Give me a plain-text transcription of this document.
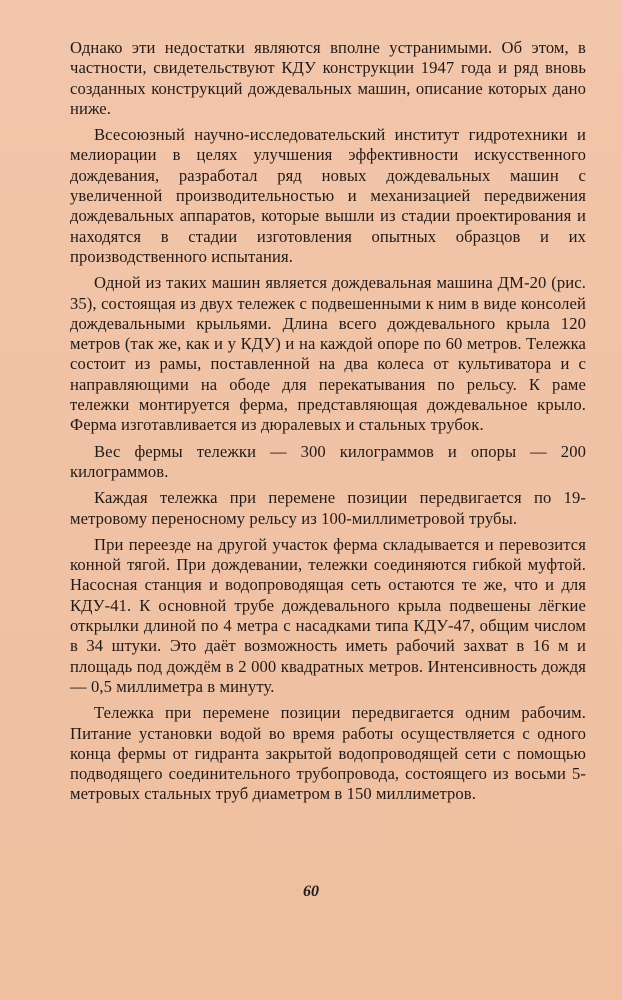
Однако эти недостатки являются вполне устранимыми. Об этом, в частности, свидетельствуют КДУ конструкции 1947 года и ряд вновь созданных конструкций дождевальных машин, описание которых дано ниже.

Всесоюзный научно-исследовательский институт гидротехники и мелиорации в целях улучшения эффективности искусственного дождевания, разработал ряд новых дождевальных машин с увеличенной производительностью и механизацией передвижения дождевальных аппаратов, которые вышли из стадии проектирования и находятся в стадии изготовления опытных образцов и их производственного испытания.

Одной из таких машин является дождевальная машина ДМ-20 (рис. 35), состоящая из двух тележек с подвешенными к ним в виде консолей дождевальными крыльями. Длина всего дождевального крыла 120 метров (так же, как и у КДУ) и на каждой опоре по 60 метров. Тележка состоит из рамы, поставленной на два колеса от культиватора и с направляющими на ободе для перекатывания по рельсу. К раме тележки монтируется ферма, представляющая дождевальное крыло. Ферма изготавливается из дюралевых и стальных трубок.

Вес фермы тележки — 300 килограммов и опоры — 200 килограммов.

Каждая тележка при перемене позиции передвигается по 19-метровому переносному рельсу из 100-миллиметровой трубы.

При переезде на другой участок ферма складывается и перевозится конной тягой. При дождевании, тележки соединяются гибкой муфтой. Насосная станция и водопроводящая сеть остаются те же, что и для КДУ-41. К основной трубе дождевального крыла подвешены лёгкие открылки длиной по 4 метра с насадками типа КДУ-47, общим числом в 34 штуки. Это даёт возможность иметь рабочий захват в 16 м и площадь под дождём в 2 000 квадратных метров. Интенсивность дождя — 0,5 миллиметра в минуту.

Тележка при перемене позиции передвигается одним рабочим. Питание установки водой во время работы осуществляется с одного конца фермы от гидранта закрытой водопроводящей сети с помощью подводящего соединительного трубопровода, состоящего из восьми 5-метровых стальных труб диаметром в 150 миллиметров.

60
